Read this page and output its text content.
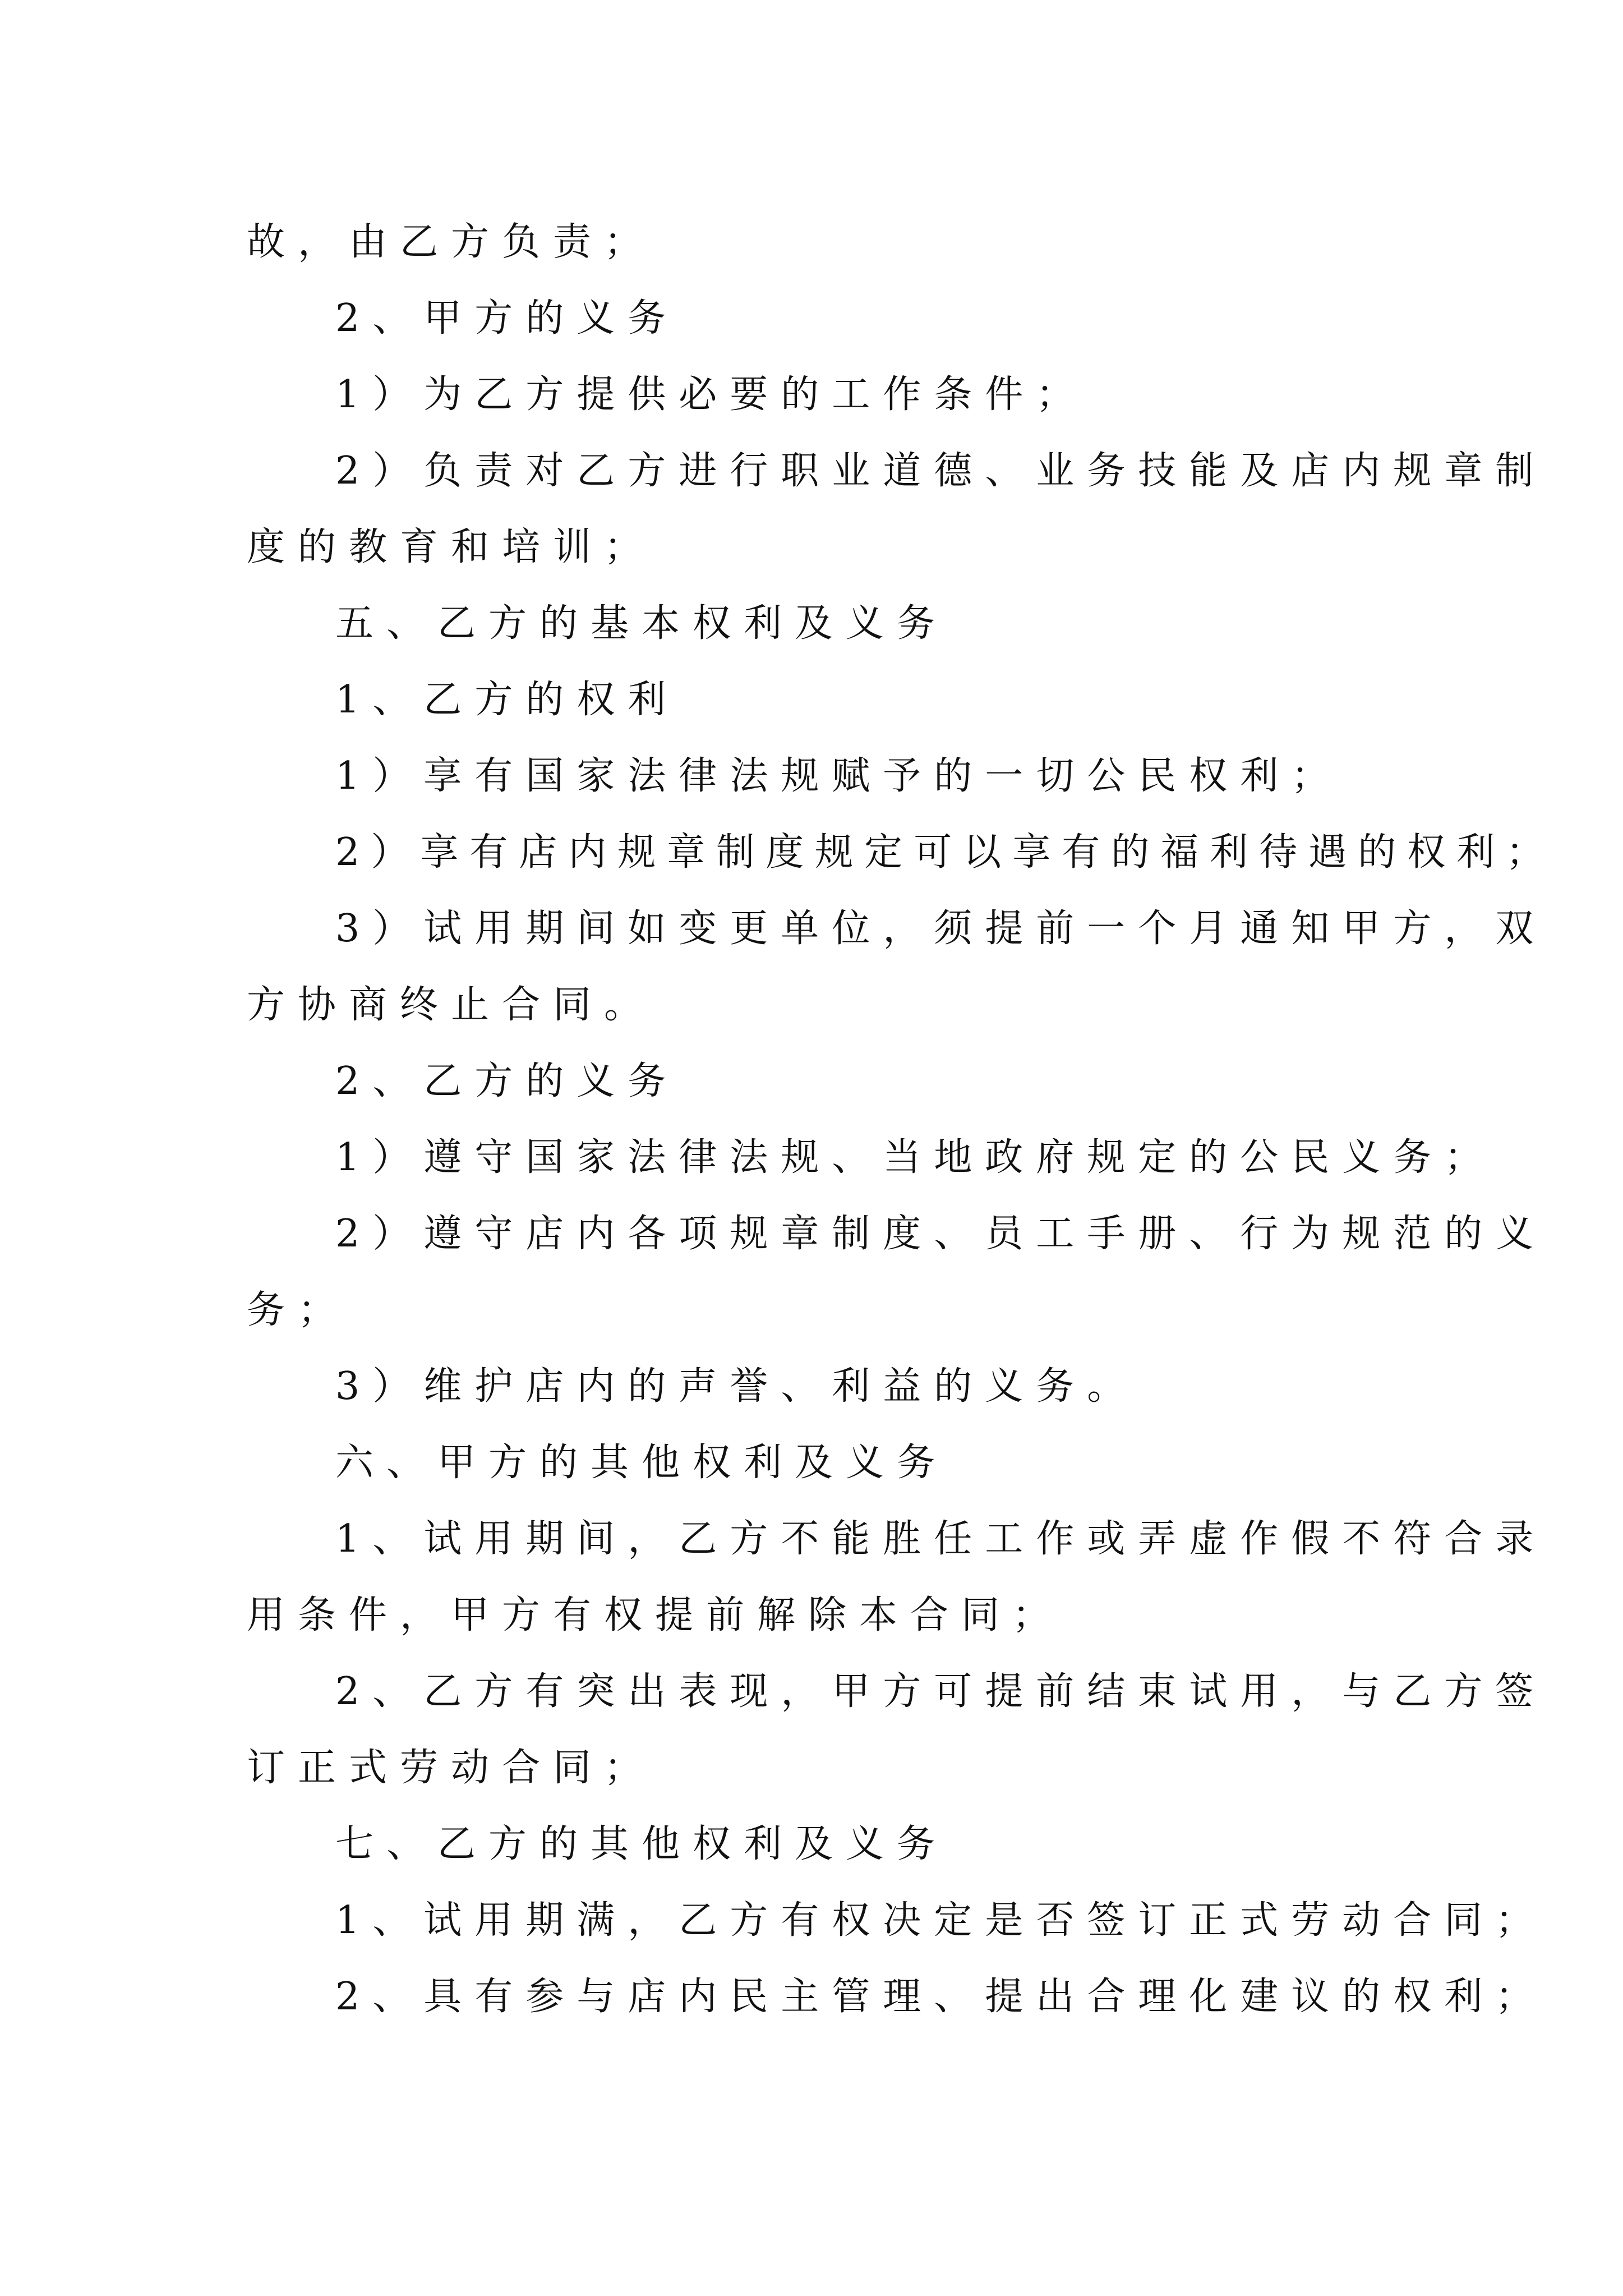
故，由乙方负责；

2、甲方的义务

1）为乙方提供必要的工作条件；

2）负责对乙方进行职业道德、业务技能及店内规章制

度的教育和培训；

五、乙方的基本权利及义务

1、乙方的权利

1）享有国家法律法规赋予的一切公民权利；

2）享有店内规章制度规定可以享有的福利待遇的权利；

3）试用期间如变更单位，须提前一个月通知甲方，双

方协商终止合同。

2、乙方的义务

1）遵守国家法律法规、当地政府规定的公民义务；

2）遵守店内各项规章制度、员工手册、行为规范的义

务；

3）维护店内的声誉、利益的义务。

六、甲方的其他权利及义务

1、试用期间，乙方不能胜任工作或弄虚作假不符合录

用条件，甲方有权提前解除本合同；

2、乙方有突出表现，甲方可提前结束试用，与乙方签

订正式劳动合同；

七、乙方的其他权利及义务

1、试用期满，乙方有权决定是否签订正式劳动合同；

2、具有参与店内民主管理、提出合理化建议的权利；
